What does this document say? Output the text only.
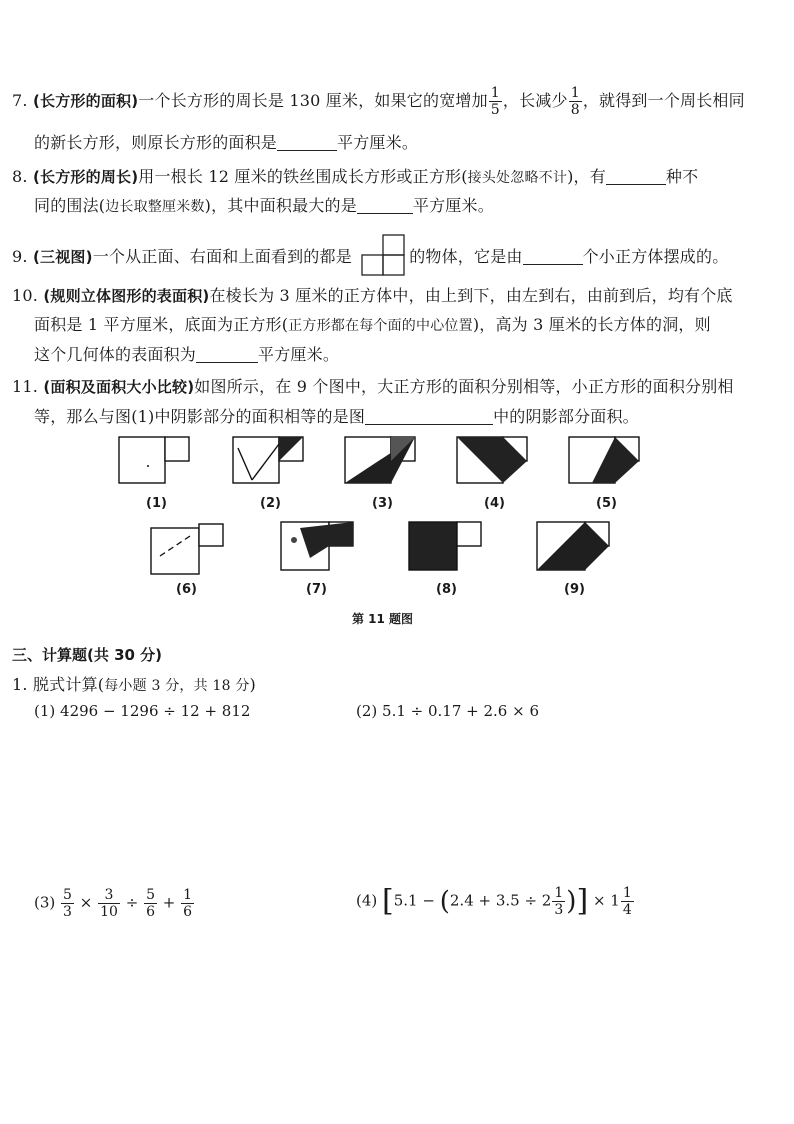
7. (长方形的面积)一个长方形的周长是 130 厘米，如果它的宽增加 $\frac{1}{5}$ ，长减少 $\frac{1}{8}$ ，就得到一个周长相同
的新长方形，则原长方形的面积是	平方厘米。
8. (长方形的周长)用一根长 12 厘米的铁丝围成长方形或正方形(接头处忽略不计)，有	种不
同的围法(边长取整厘米数)，其中面积最大的是	平方厘米。
9. (三视图)一个从正面、右面和上面看到的都是	的物体，它是由	个小正方体摆成的。
10. (规则立体图形的表面积)在棱长为 3 厘米的正方体中，由上到下，由左到右，由前到后，均有个底
面积是 1 平方厘米，底面为正方形(正方形都在每个面的中心位置)，高为 3 厘米的长方体的洞，则
这个几何体的表面积为	平方厘米。
11. (面积及面积大小比较)如图所示，在 9 个图中，大正方形的面积分别相等，小正方形的面积分别相
等，那么与图(1)中阴影部分的面积相等的是图	中的阴影部分面积。
(1)	(2)	(3)	(4)	(5)
(6)	(7)	(8)	(9)
第 11 题图
三、计算题(共 30 分)
1. 脱式计算(每小题 3 分，共 18 分)
(1) 4296 − 1296 ÷ 12 + 812	(2) 5.1 ÷ 0.17 + 2.6 × 6
$(3) \frac{5}{3} \times \frac{3}{10} \div \frac{5}{6} + \frac{1}{6}$	(4) [$5.1 - (2.4 + 3.5 \div 2 \frac{1}{3}$ )] × $1 \frac{1}{4}$
